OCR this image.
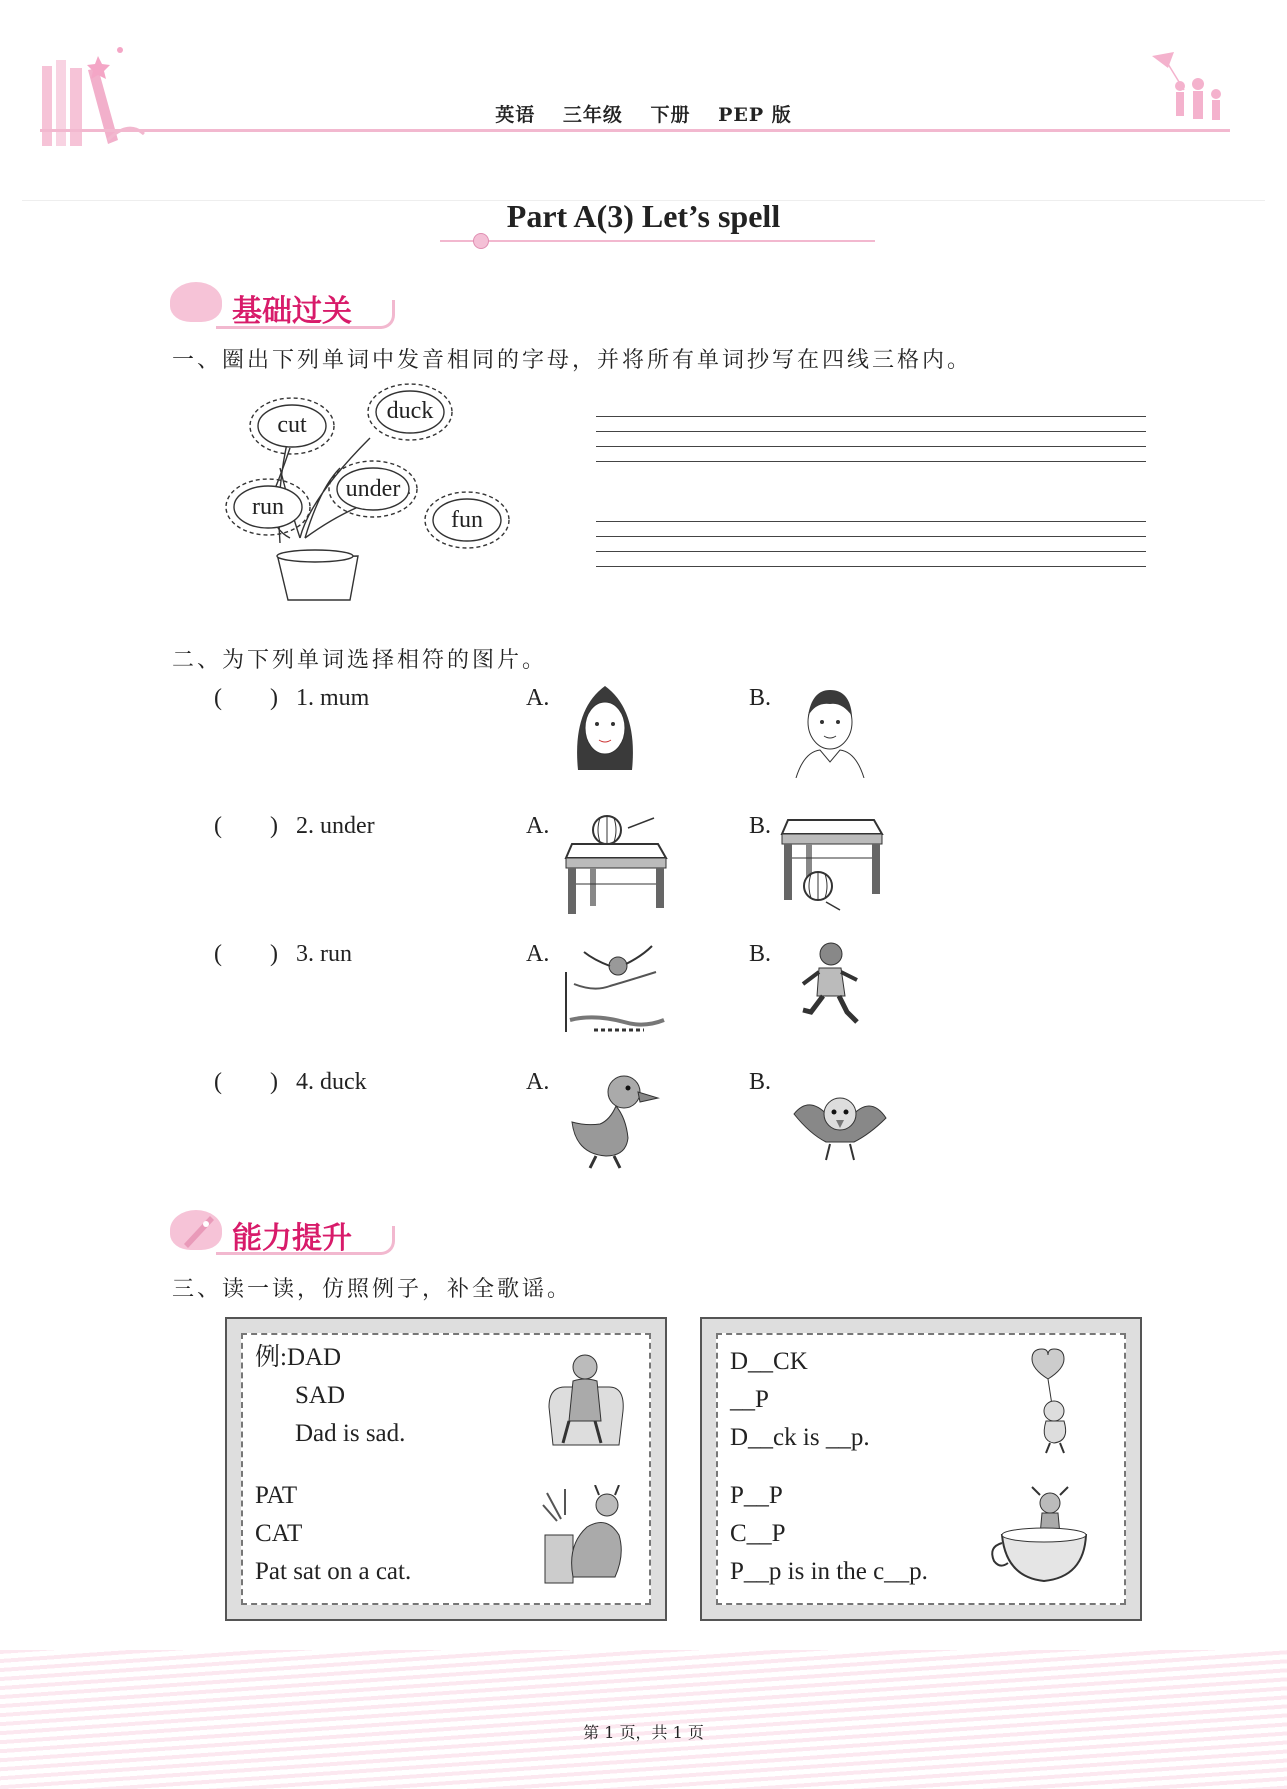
英语 三年级 下册 PEP 版
Part A(3) Let’s spell
基础过关
一、圈出下列单词中发音相同的字母，并将所有单词抄写在四线三格内。
cut
duck
under
run	fun
二、为下列单词选择相符的图片。
(        ) 1. mum	A.	B.
(        ) 2. under	A.	B.
(        ) 3. run	A.	B.
(        ) 4. duck	A.	B.
能力提升
三、读一读，仿照例子，补全歌谣。
例:DAD
SAD
Dad is sad.
PAT
CAT
Pat sat on a cat.
D__CK
__P
D__ck is __p.
P__P
C__P
P__p is in the c__p.
第 1 页，共 1 页
